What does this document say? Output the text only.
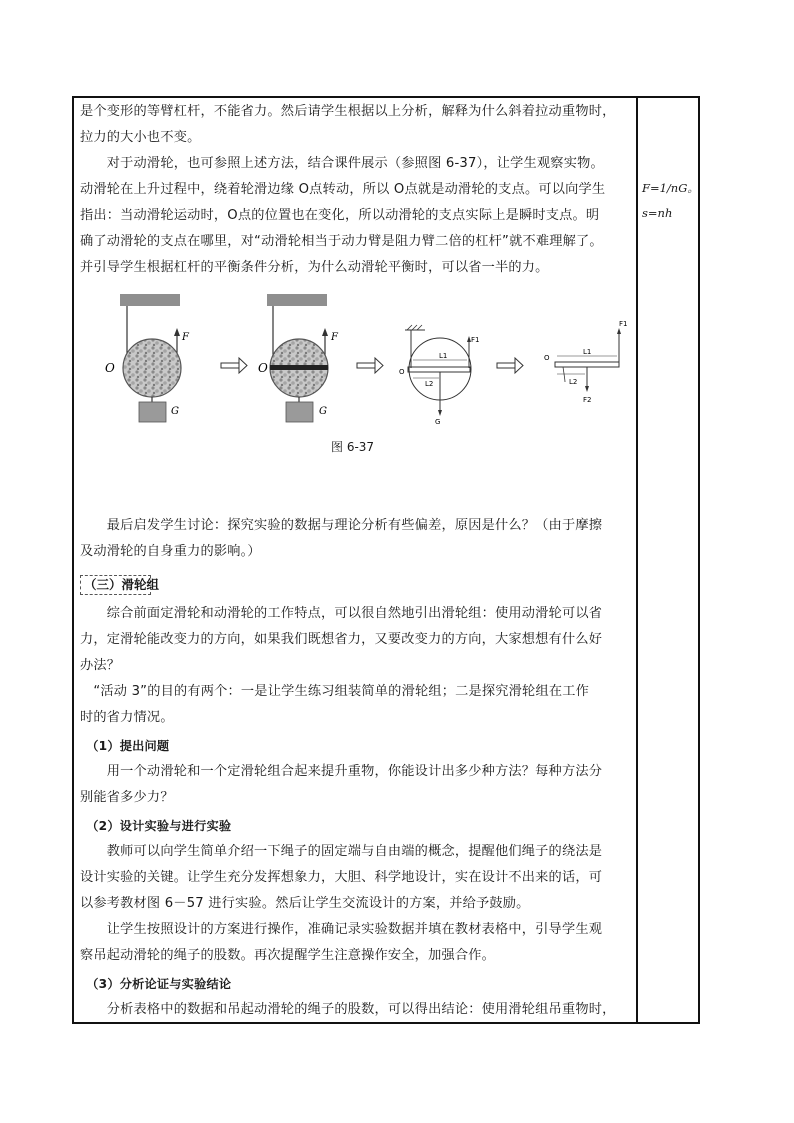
是个变形的等臂杠杆，不能省力。然后请学生根据以上分析，解释为什么斜着拉动重物时，
拉力的大小也不变。
　　对于动滑轮，也可参照上述方法，结合课件展示（参照图 6-37），让学生观察实物。
动滑轮在上升过程中，绕着轮滑边缘 O点转动，所以 O点就是动滑轮的支点。可以向学生
指出：当动滑轮运动时，O点的位置也在变化，所以动滑轮的支点实际上是瞬时支点。明
确了动滑轮的支点在哪里，对“动滑轮相当于动力臂是阻力臂二倍的杠杆”就不难理解了。
并引导学生根据杠杆的平衡条件分析，为什么动滑轮平衡时，可以省一半的力。
　　最后启发学生讨论：探究实验的数据与理论分析有些偏差，原因是什么？（由于摩擦
及动滑轮的自身重力的影响。）
　　综合前面定滑轮和动滑轮的工作特点，可以很自然地引出滑轮组：使用动滑轮可以省
力，定滑轮能改变力的方向，如果我们既想省力，又要改变力的方向，大家想想有什么好
办法？
　“活动 3”的目的有两个：一是让学生练习组装简单的滑轮组；二是探究滑轮组在工作
时的省力情况。
　（1）提出问题
　　用一个动滑轮和一个定滑轮组合起来提升重物，你能设计出多少种方法？每种方法分
别能省多少力？
　（2）设计实验与进行实验
　　教师可以向学生简单介绍一下绳子的固定端与自由端的概念，提醒他们绳子的绕法是
设计实验的关键。让学生充分发挥想象力，大胆、科学地设计，实在设计不出来的话，可
以参考教材图 6－57 进行实验。然后让学生交流设计的方案，并给予鼓励。
　　让学生按照设计的方案进行操作，准确记录实验数据并填在教材表格中，引导学生观
察吊起动滑轮的绳子的股数。再次提醒学生注意操作安全，加强合作。
　（3）分析论证与实验结论
　　分析表格中的数据和吊起动滑轮的绳子的股数，可以得出结论：使用滑轮组吊重物时，
（三）滑轮组
F=1/nG。
s=nh
O
F
G
O
F
G
O
F1
L1
L2
G
O
F1
L1
L2
F2
图 6-37
